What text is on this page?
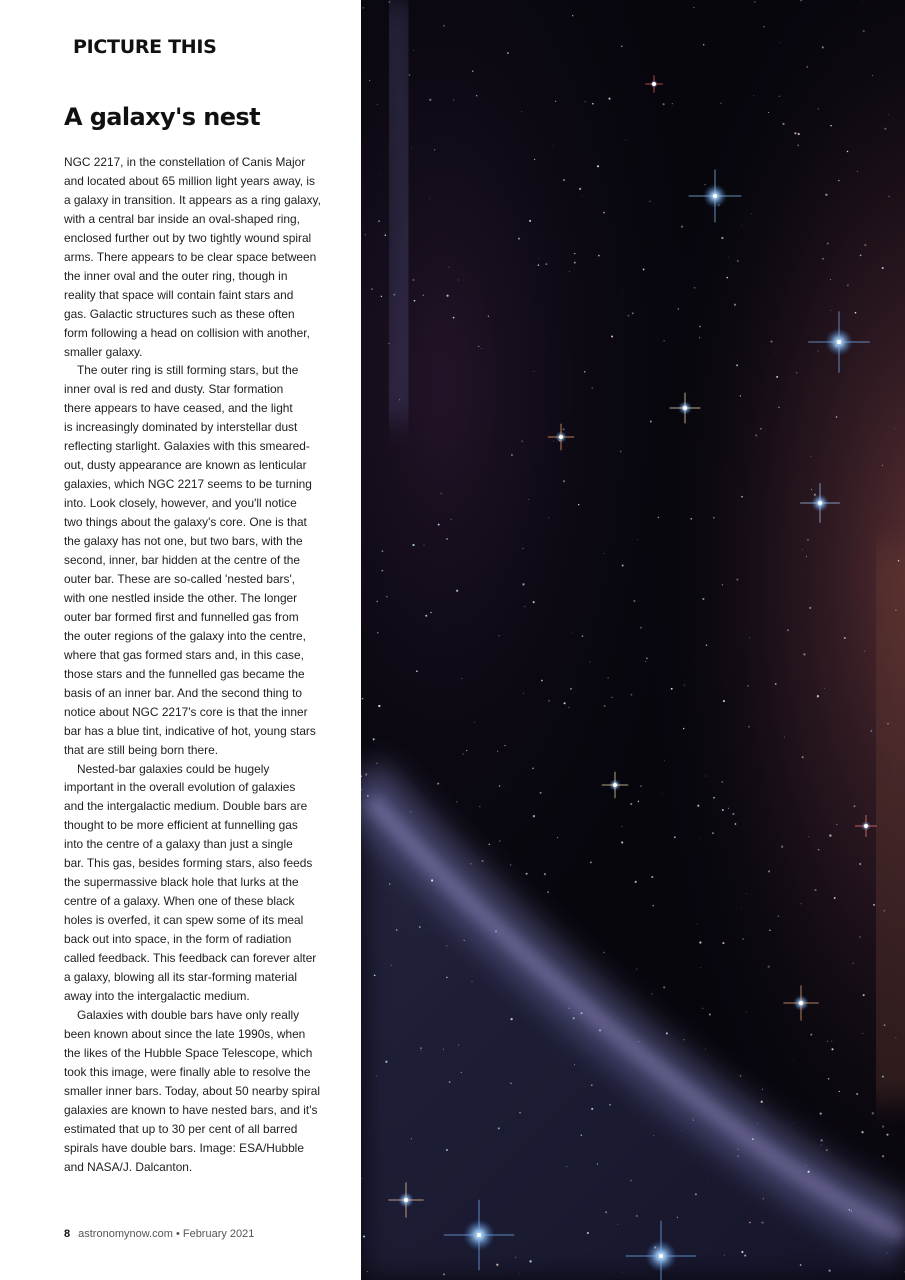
PICTURE THIS
A galaxy's nest

NGC 2217, in the constellation of Canis Major
and located about 65 million light years away, is
a galaxy in transition. It appears as a ring galaxy,
with a central bar inside an oval-shaped ring,
enclosed further out by two tightly wound spiral
arms. There appears to be clear space between
the inner oval and the outer ring, though in
reality that space will contain faint stars and
gas. Galactic structures such as these often
form following a head on collision with another,
smaller galaxy.

The outer ring is still forming stars, but the
inner oval is red and dusty. Star formation
there appears to have ceased, and the light
is increasingly dominated by interstellar dust
reflecting starlight. Galaxies with this smeared-
out, dusty appearance are known as lenticular
galaxies, which NGC 2217 seems to be turning
into. Look closely, however, and you'll notice
two things about the galaxy's core. One is that
the galaxy has not one, but two bars, with the
second, inner, bar hidden at the centre of the
outer bar. These are so-called 'nested bars',
with one nestled inside the other. The longer
outer bar formed first and funnelled gas from
the outer regions of the galaxy into the centre,
where that gas formed stars and, in this case,
those stars and the funnelled gas became the
basis of an inner bar. And the second thing to
notice about NGC 2217's core is that the inner
bar has a blue tint, indicative of hot, young stars
that are still being born there.

Nested-bar galaxies could be hugely
important in the overall evolution of galaxies
and the intergalactic medium. Double bars are
thought to be more efficient at funnelling gas
into the centre of a galaxy than just a single
bar. This gas, besides forming stars, also feeds
the supermassive black hole that lurks at the
centre of a galaxy. When one of these black
holes is overfed, it can spew some of its meal
back out into space, in the form of radiation
called feedback. This feedback can forever alter
a galaxy, blowing all its star-forming material
away into the intergalactic medium.

Galaxies with double bars have only really
been known about since the late 1990s, when
the likes of the Hubble Space Telescope, which
took this image, were finally able to resolve the
smaller inner bars. Today, about 50 nearby spiral
galaxies are known to have nested bars, and it's
estimated that up to 30 per cent of all barred
spirals have double bars. Image: ESA/Hubble
and NASA/J. Dalcanton.

8 astronomynow.com • February 2021
